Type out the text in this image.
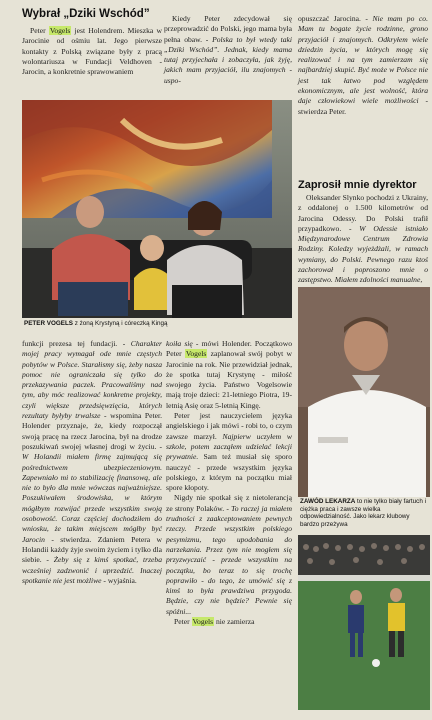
Wybrał „Dziki Wschód”

Peter Vogels jest Holendrem. Mieszka w Jarocinie od ośmiu lat. Jego pierwsze kontakty z Polską związane były z pracą wolontariusza w Fundacji Veldhoven - Jarocin, a konkretnie sprawowaniem

Kiedy Peter zdecydował się przeprowadzić do Polski, jego mama była pełna obaw. - Polska to był wtedy taki „Dziki Wschód”. Jednak, kiedy mama tutaj przyjechała i zobaczyła, jak żyję, jakich mam przyjaciół, ilu znajomych - uspo-

opuszczać Jarocina. - Nie mam po co. Mam tu bogate życie rodzinne, grono przyjaciół i znajomych. Odkryłem wiele dziedzin życia, w których mogę się realizować i na tym zamierzam się najbardziej skupić. Być może w Polsce nie jest tak łatwo pod względem ekonomicznym, ale jest wolność, która daje człowiekowi wiele możliwości - stwierdza Peter.

Zaprosił mnie dyrektor

Oleksander Slynko pochodzi z Ukrainy, z oddalonej o 1.500 kilometrów od Jarocina Odessy. Do Polski trafił przypadkowo. - W Odessie istniało Międzynarodowe Centrum Zdrowia Rodziny. Koledzy wyjeżdżali, w ramach wymiany, do Polski. Pewnego razu ktoś zachorował i poproszono mnie o zastępstwo. Miałem zdolności manualne,

PETER VOGELS z żoną Krystyną i córeczką Kingą
ZAWÓD LEKARZA to nie tylko biały fartuch i ciężka praca i zawsze wielka odpowiedzialność. Jako lekarz klubowy bardzo przeżywa

funkcji prezesa tej fundacji. - Charakter mojej pracy wymagał ode mnie częstych pobytów w Polsce. Starałismy się, żeby nasza pomoc nie ograniczała się tylko do przekazywania paczek. Pracowaliśmy nad tym, aby móc realizować konkretne projekty, czyli większe przedsięwzięcia, których rezultaty byłyby trwalsze - wspomina Peter. Holender przyznaje, że, kiedy rozpoczął swoją pracę na rzecz Jarocina, był na drodze poszukiwań swojej własnej drogi w życiu. - W Holandii miałem firmę zajmującą się pośrednictwem ubezpieczeniowym. Zapewniało mi to stabilizację finansową, ale nie to było dla mnie wówczas najważniejsze. Poszukiwałem środowiska, w którym mógłbym rozwijać przede wszystkim swoją osobowość. Coraz częściej dochodziłem do wniosku, że takim miejscem mógłby być Jarocin - stwierdza. Zdaniem Petera w Holandii każdy żyje swoim życiem i tylko dla siebie. - Żeby się z kimś spotkać, trzeba wcześniej zadzwonić i uprzedzić. Inaczej spotkanie nie jest możliwe - wyjaśnia.

koiła się - mówi Holender. Początkowo Peter Vogels zaplanował swój pobyt w Jarocinie na rok. Nie przewidział jednak, że spotka tutaj Krystynę - miłość swojego życia. Państwo Vogelsowie mają troje dzieci: 21-letniego Piotra, 19-letnią Asię oraz 5-letnią Kingę.

Peter jest nauczycielem języka angielskiego i jak mówi - robi to, o czym zawsze marzył. Najpierw uczyłem w szkole, potem zacząłem udzielać lekcji prywatnie. Sam też musiał się sporo nauczyć - przede wszystkim języka polskiego, z którym na początku miał spore kłopoty.

Nigdy nie spotkał się z nietolerancją ze strony Polaków. - To raczej ja miałem trudności z zaakceptowaniem pewnych rzeczy. Przede wszystkim polskiego pesymizmu, tego upodobania do narzekania. Przez tym nie mogłem się przyzwyczaić - przede wszystkim na początku, bo teraz to się trochę poprawiło - do tego, że umówić się z kimś to była prawdziwa przygoda. Będzie, czy nie będzie? Pewnie się spóźni...

Peter Vogels nie zamierza
